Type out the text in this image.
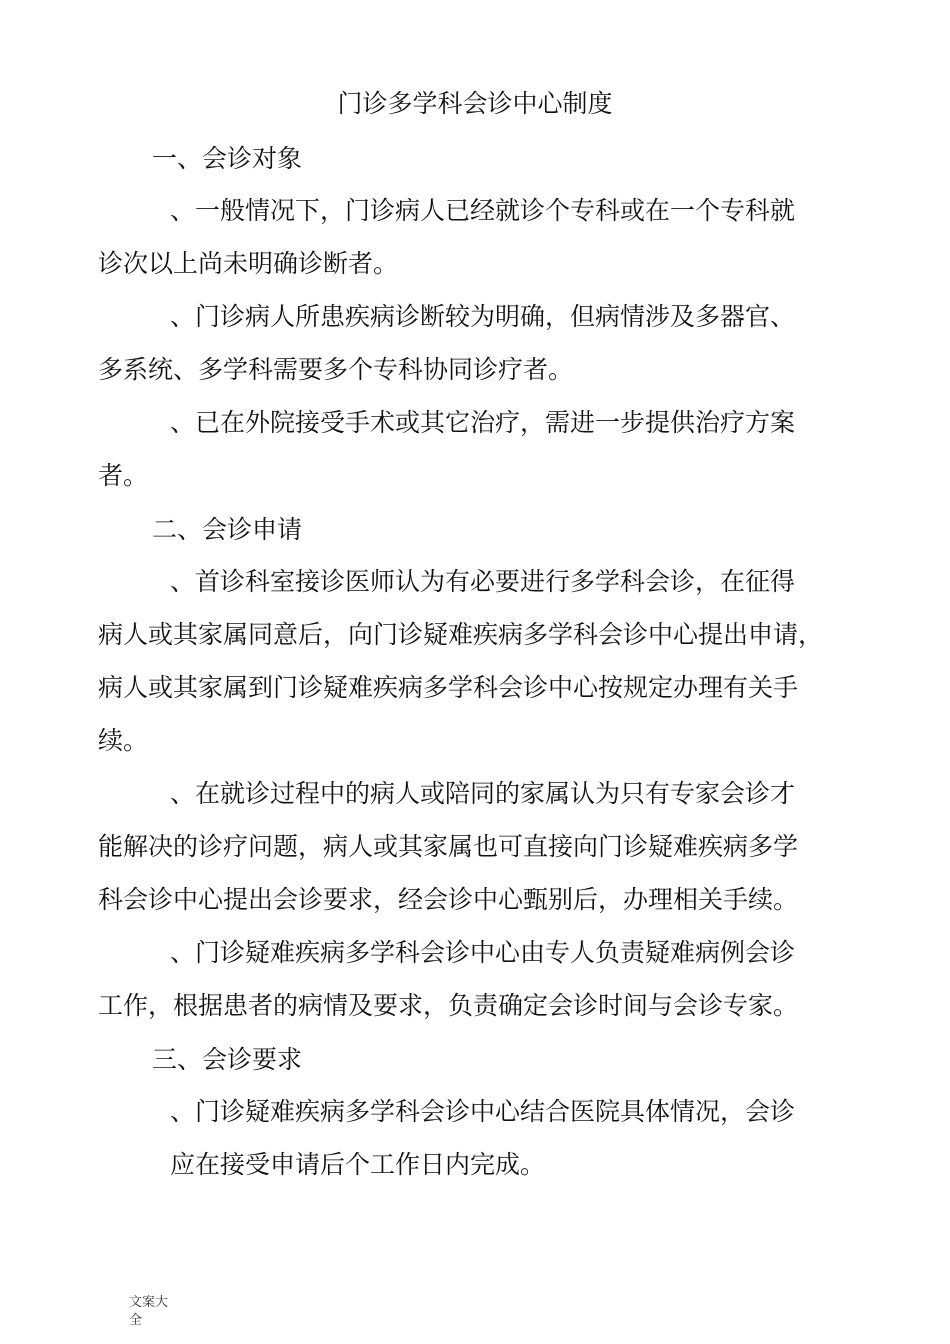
门诊多学科会诊中心制度
一、会诊对象
、一般情况下，门诊病人已经就诊个专科或在一个专科就
诊次以上尚未明确诊断者。
、门诊病人所患疾病诊断较为明确，但病情涉及多器官、
多系统、多学科需要多个专科协同诊疗者。
、已在外院接受手术或其它治疗，需进一步提供治疗方案
者。
二、会诊申请
、首诊科室接诊医师认为有必要进行多学科会诊，在征得
病人或其家属同意后，向门诊疑难疾病多学科会诊中心提出申请，
病人或其家属到门诊疑难疾病多学科会诊中心按规定办理有关手
续。
、在就诊过程中的病人或陪同的家属认为只有专家会诊才
能解决的诊疗问题，病人或其家属也可直接向门诊疑难疾病多学
科会诊中心提出会诊要求，经会诊中心甄别后，办理相关手续。
、门诊疑难疾病多学科会诊中心由专人负责疑难病例会诊
工作，根据患者的病情及要求，负责确定会诊时间与会诊专家。
三、会诊要求
、门诊疑难疾病多学科会诊中心结合医院具体情况，会诊
应在接受申请后个工作日内完成。
文案大全
